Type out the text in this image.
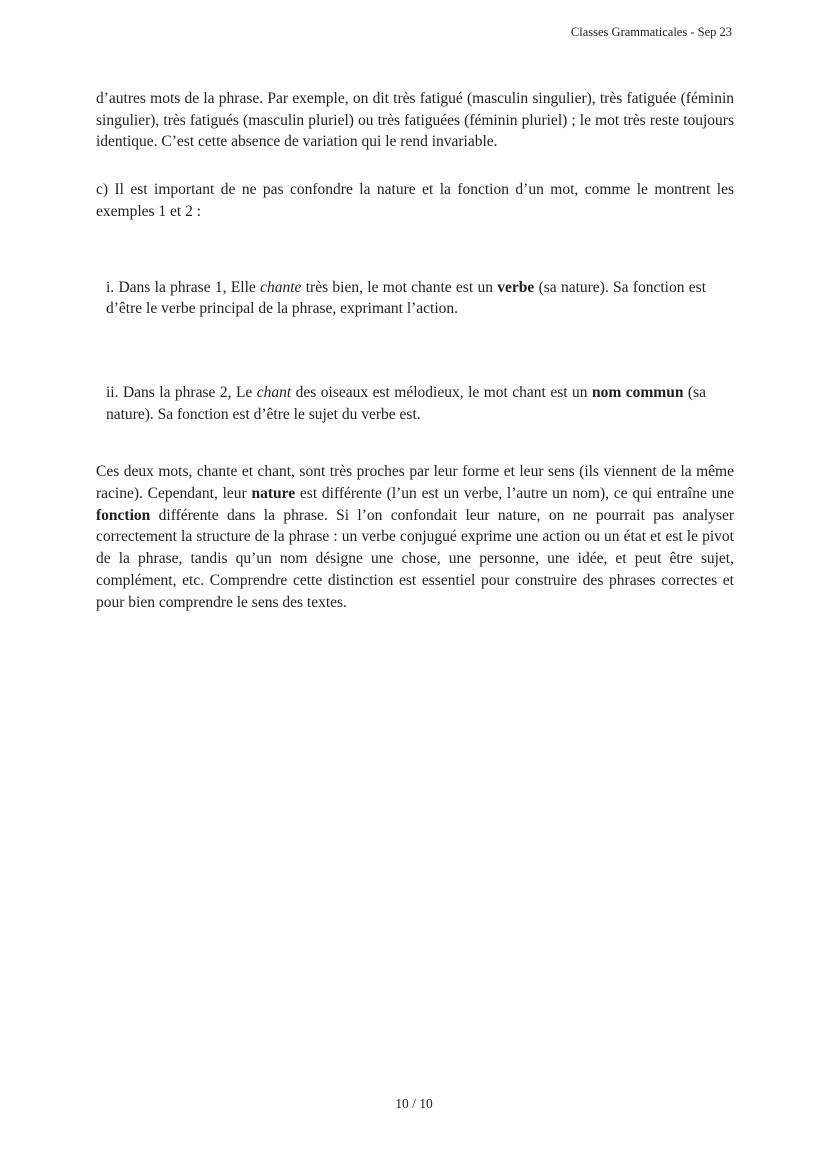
Classes Grammaticales - Sep 23

d’autres mots de la phrase. Par exemple, on dit très fatigué (masculin singulier), très fatiguée (féminin singulier), très fatigués (masculin pluriel) ou très fatiguées (féminin pluriel) ; le mot très reste toujours identique. C’est cette absence de variation qui le rend invariable.

c) Il est important de ne pas confondre la nature et la fonction d’un mot, comme le montrent les exemples 1 et 2 :

i. Dans la phrase 1, Elle chante très bien, le mot chante est un verbe (sa nature). Sa fonction est d’être le verbe principal de la phrase, exprimant l’action.

ii. Dans la phrase 2, Le chant des oiseaux est mélodieux, le mot chant est un nom commun (sa nature). Sa fonction est d’être le sujet du verbe est.

Ces deux mots, chante et chant, sont très proches par leur forme et leur sens (ils viennent de la même racine). Cependant, leur nature est différente (l’un est un verbe, l’autre un nom), ce qui entraîne une fonction différente dans la phrase. Si l’on confondait leur nature, on ne pourrait pas analyser correctement la structure de la phrase : un verbe conjugué exprime une action ou un état et est le pivot de la phrase, tandis qu’un nom désigne une chose, une personne, une idée, et peut être sujet, complément, etc. Comprendre cette distinction est essentiel pour construire des phrases correctes et pour bien comprendre le sens des textes.

10 / 10
